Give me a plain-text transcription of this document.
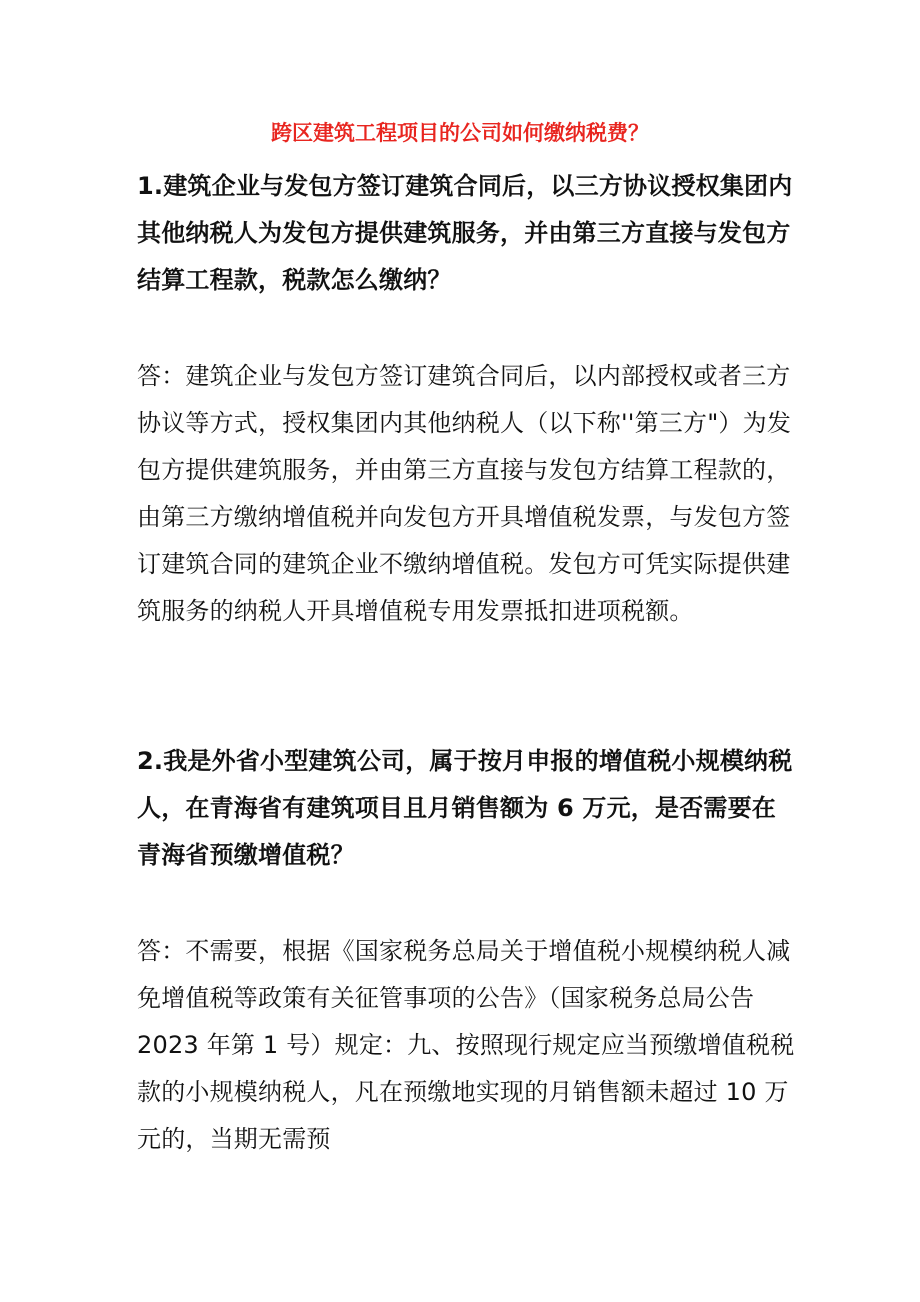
跨区建筑工程项目的公司如何缴纳税费？

1.建筑企业与发包方签订建筑合同后，以三方协议授权集团内其他纳税人为发包方提供建筑服务，并由第三方直接与发包方结算工程款，税款怎么缴纳？

答：建筑企业与发包方签订建筑合同后，以内部授权或者三方协议等方式，授权集团内其他纳税人（以下称''第三方"）为发包方提供建筑服务，并由第三方直接与发包方结算工程款的，由第三方缴纳增值税并向发包方开具增值税发票，与发包方签订建筑合同的建筑企业不缴纳增值税。发包方可凭实际提供建筑服务的纳税人开具增值税专用发票抵扣进项税额。

2.我是外省小型建筑公司，属于按月申报的增值税小规模纳税人，在青海省有建筑项目且月销售额为 6 万元，是否需要在青海省预缴增值税？

答：不需要，根据《国家税务总局关于增值税小规模纳税人减免增值税等政策有关征管事项的公告》（国家税务总局公告 2023 年第 1 号）规定：九、按照现行规定应当预缴增值税税款的小规模纳税人，凡在预缴地实现的月销售额未超过 10 万元的，当期无需预
